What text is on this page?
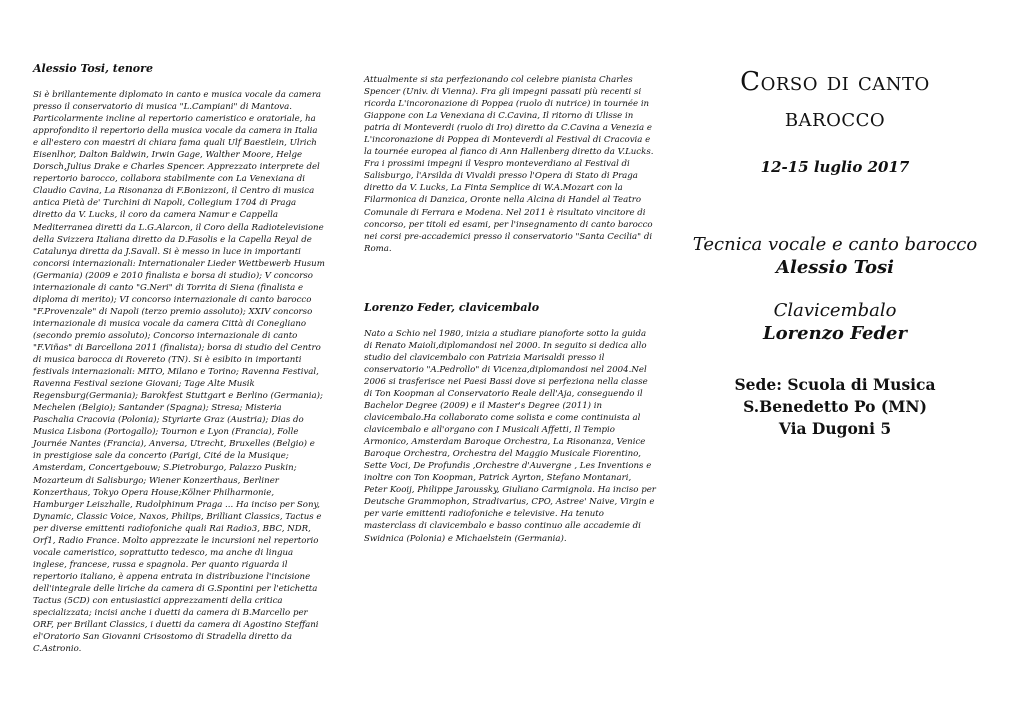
Alessio Tosi, tenore

Si è brillantemente diplomato in canto e musica vocale da camera presso il conservatorio di musica "L.Campiani" di Mantova. Particolarmente incline al repertorio cameristico e oratoriale, ha approfondito il repertorio della musica vocale da camera in Italia e all'estero con maestri di chiara fama quali Ulf Baestlein, Ulrich Eisenlhor, Dalton Baldwin, Irwin Gage, Walther Moore, Helge Dorsch,Julius Drake e Charles Spencer. Apprezzato interprete del repertorio barocco, collabora stabilmente con La Venexiana di Claudio Cavina, La Risonanza di F.Bonizzoni, il Centro di musica antica Pietà de' Turchini di Napoli, Collegium 1704 di Praga diretto da V. Lucks, il coro da camera Namur e Cappella Mediterranea diretti da L.G.Alarcon, il Coro della Radiotelevisione della Svizzera Italiana diretto da D.Fasolis e la Capella Reyal de Catalunya diretta da J.Savall. Si è messo in luce in importanti concorsi internazionali: Internationaler Lieder Wettbewerb Husum (Germania) (2009 e 2010 finalista e borsa di studio); V concorso internazionale di canto "G.Neri" di Torrita di Siena (finalista e diploma di merito); VI concorso internazionale di canto barocco "F.Provenzale" di Napoli (terzo premio assoluto); XXIV concorso internazionale di musica vocale da camera Città di Conegliano (secondo premio assoluto); Concorso internazionale di canto "F.Viñas" di Barcellona 2011 (finalista); borsa di studio del Centro di musica barocca di Rovereto (TN). Si è esibito in importanti festivals internazionali: MITO, Milano e Torino; Ravenna Festival, Ravenna Festival sezione Giovani; Tage Alte Musik Regensburg(Germania); Barokfest Stuttgart e Berlino (Germania); Mechelen (Belgio); Santander (Spagna); Stresa; Misteria Paschalia Cracovia (Polonia); Styriarte Graz (Austria); Dias do Musica Lisbona (Portogallo); Tournon e Lyon (Francia), Folle Journée Nantes (Francia), Anversa, Utrecht, Bruxelles (Belgio) e in prestigiose sale da concerto (Parigi, Cité de la Musique; Amsterdam, Concertgebouw; S.Pietroburgo, Palazzo Puskin; Mozarteum di Salisburgo; Wiener Konzerthaus, Berliner Konzerthaus, Tokyo Opera House;Kölner Philharmonie, Hamburger Leiszhalle, Rudolphinum Praga ... Ha inciso per Sony, Dynamic, Classic Voice, Naxos, Philips, Brilliant Classics, Tactus e per diverse emittenti radiofoniche quali Rai Radio3, BBC, NDR, Orf1, Radio France. Molto apprezzate le incursioni nel repertorio vocale cameristico, soprattutto tedesco, ma anche di lingua inglese, francese, russa e spagnola. Per quanto riguarda il repertorio italiano, è appena entrata in distribuzione l'incisione dell'integrale delle liriche da camera di G.Spontini per l'etichetta Tactus (5CD) con entusiastici apprezzamenti della critica specializzata; incisi anche i duetti da camera di B.Marcello per ORF, per Brillant Classics, i duetti da camera di Agostino Steffani el'Oratorio San Giovanni Crisostomo di Stradella diretto da C.Astronio.

Attualmente si sta perfezionando col celebre pianista Charles Spencer (Univ. di Vienna). Fra gli impegni passati più recenti si ricorda L'incoronazione di Poppea (ruolo di nutrice) in tournée in Giappone con La Venexiana di C.Cavina, Il ritorno di Ulisse in patria di Monteverdi (ruolo di Iro) diretto da C.Cavina a Venezia e L'incoronazione di Poppea di Monteverdi al Festival di Cracovia e la tournée europea al fianco di Ann Hallenberg diretto da V.Lucks. Fra i prossimi impegni il Vespro monteverdiano al Festival di Salisburgo, l'Arsilda di Vivaldi presso l'Opera di Stato di Praga diretto da V. Lucks, La Finta Semplice di W.A.Mozart con la Filarmonica di Danzica, Oronte nella Alcina di Handel al Teatro Comunale di Ferrara e Modena. Nel 2011 è risultato vincitore di concorso, per titoli ed esami, per l'insegnamento di canto barocco nei corsi pre-accademici presso il conservatorio "Santa Cecilia" di Roma.

Lorenzo Feder, clavicembalo

Nato a Schio nel 1980, inizia a studiare pianoforte sotto la guida di Renato Maioli,diplomandosi nel 2000. In seguito si dedica allo studio del clavicembalo con Patrizia Marisaldi presso il conservatorio "A.Pedrollo" di Vicenza,diplomandosi nel 2004.Nel 2006 si trasferisce nei Paesi Bassi dove si perfeziona nella classe di Ton Koopman al Conservatorio Reale dell'Aja, conseguendo il Bachelor Degree (2009) e il Master's Degree (2011) in clavicembalo.Ha collaborato come solista e come continuista al clavicembalo e all'organo con I Musicali Affetti, Il Tempio Armonico, Amsterdam Baroque Orchestra, La Risonanza, Venice Baroque Orchestra, Orchestra del Maggio Musicale Fiorentino, Sette Voci, De Profundis ,Orchestre d'Auvergne , Les Inventions e inoltre con Ton Koopman, Patrick Ayrton, Stefano Montanari, Peter Kooij, Philippe Jaroussky, Giuliano Carmignola. Ha inciso per Deutsche Grammophon, Stradivarius, CPO, Astree' Naive, Virgin e per varie emittenti radiofoniche e televisive. Ha tenuto masterclass di clavicembalo e basso continuo alle accademie di Swidnica (Polonia) e Michaelstein (Germania).

Corso di canto

barocco

12-15 luglio 2017

Tecnica vocale e canto barocco

Alessio Tosi

Clavicembalo

Lorenzo Feder

Sede: Scuola di Musica
S.Benedetto Po (MN)
Via Dugoni 5
